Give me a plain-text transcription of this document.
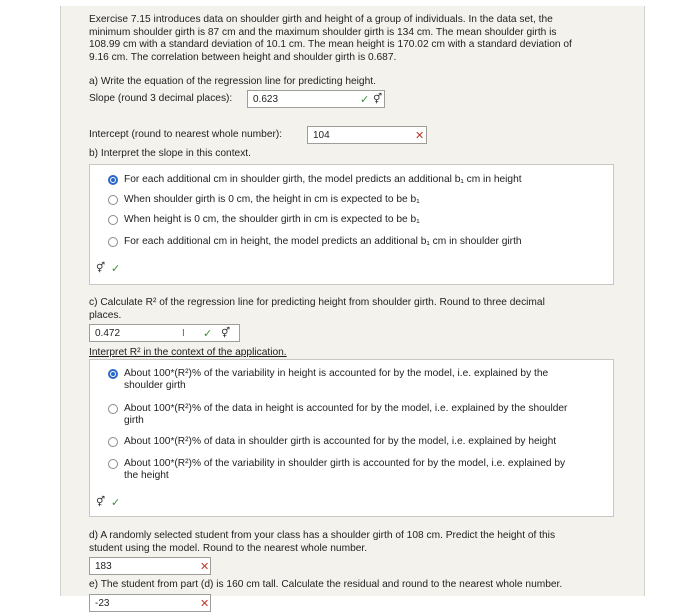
Exercise 7.15 introduces data on shoulder girth and height of a group of individuals. In the data set, the
minimum shoulder girth is 87 cm and the maximum shoulder girth is 134 cm. The mean shoulder girth is
108.99 cm with a standard deviation of 10.1 cm. The mean height is 170.02 cm with a standard deviation of
9.16 cm. The correlation between height and shoulder girth is 0.687.
a) Write the equation of the regression line for predicting height.
Slope (round 3 decimal places): 0.623	✓ ⚥
Intercept (round to nearest whole number):	104	✕
b) Interpret the slope in this context.
For each additional cm in shoulder girth, the model predicts an additional b₁ cm in height
When shoulder girth is 0 cm, the height in cm is expected to be b₁
When height is 0 cm, the shoulder girth in cm is expected to be b₁
For each additional cm in height, the model predicts an additional b₁ cm in shoulder girth
⚥ ✓
c) Calculate R² of the regression line for predicting height from shoulder girth. Round to three decimal
places.
0.472	I ✓ ⚥
Interpret R² in the context of the application.
About 100*(R²)% of the variability in height is accounted for by the model, i.e. explained by the
shoulder girth
About 100*(R²)% of the data in height is accounted for by the model, i.e. explained by the shoulder
girth
About 100*(R²)% of data in shoulder girth is accounted for by the model, i.e. explained by height
About 100*(R²)% of the variability in shoulder girth is accounted for by the model, i.e. explained by
the height
⚥ ✓
d) A randomly selected student from your class has a shoulder girth of 108 cm. Predict the height of this
student using the model. Round to the nearest whole number.
183	✕
e) The student from part (d) is 160 cm tall. Calculate the residual and round to the nearest whole number.
-23	✕
